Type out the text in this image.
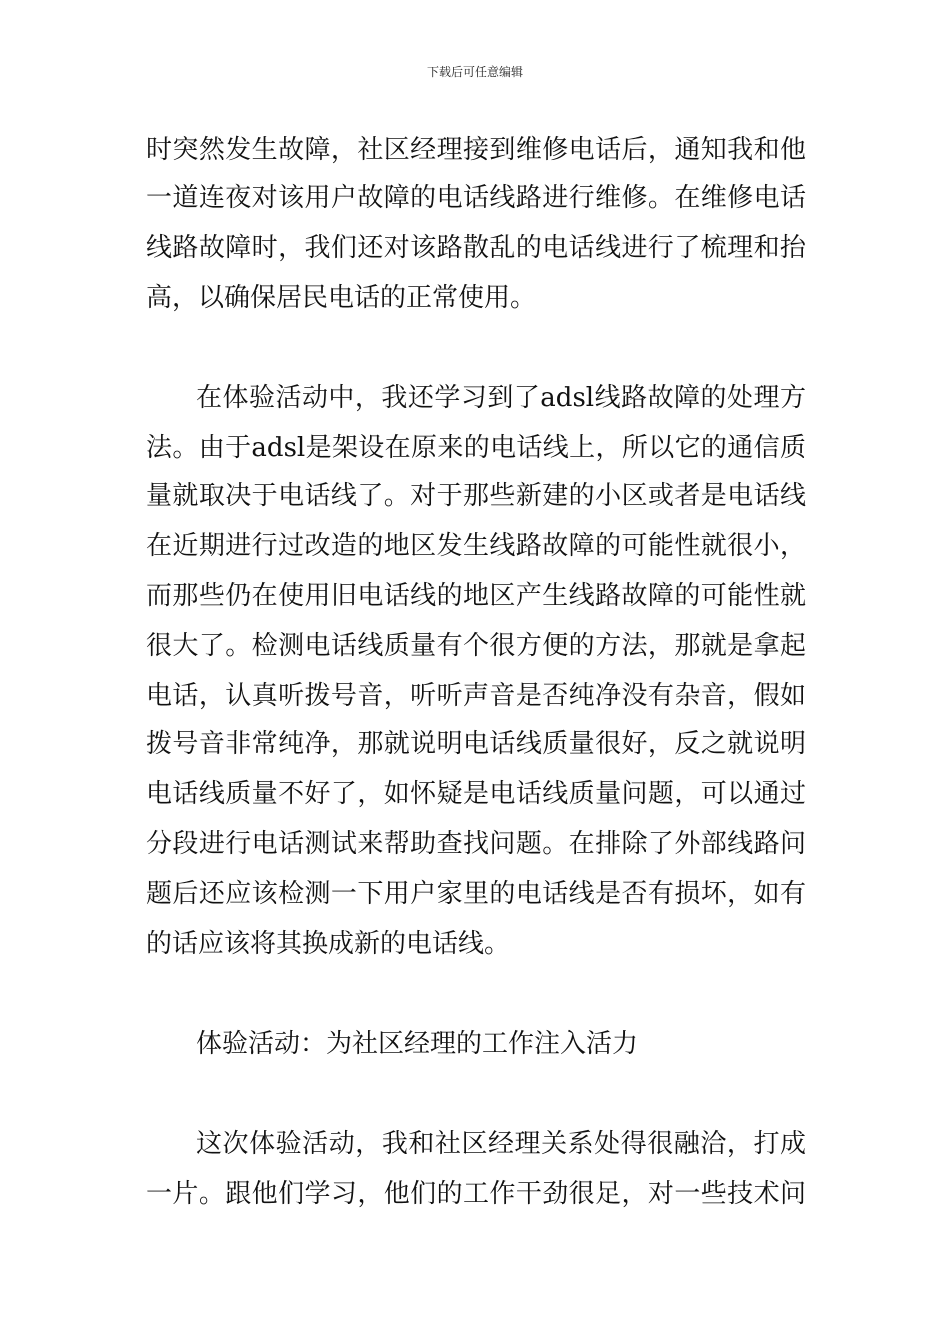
下载后可任意编辑
时突然发生故障，社区经理接到维修电话后，通知我和他
一道连夜对该用户故障的电话线路进行维修。在维修电话
线路故障时，我们还对该路散乱的电话线进行了梳理和抬
高，以确保居民电话的正常使用。
在体验活动中，我还学习到了adsl线路故障的处理方
法。由于adsl是架设在原来的电话线上，所以它的通信质
量就取决于电话线了。对于那些新建的小区或者是电话线
在近期进行过改造的地区发生线路故障的可能性就很小，
而那些仍在使用旧电话线的地区产生线路故障的可能性就
很大了。检测电话线质量有个很方便的方法，那就是拿起
电话，认真听拨号音，听听声音是否纯净没有杂音，假如
拨号音非常纯净，那就说明电话线质量很好，反之就说明
电话线质量不好了，如怀疑是电话线质量问题，可以通过
分段进行电话测试来帮助查找问题。在排除了外部线路问
题后还应该检测一下用户家里的电话线是否有损坏，如有
的话应该将其换成新的电话线。
体验活动：为社区经理的工作注入活力
这次体验活动，我和社区经理关系处得很融洽，打成
一片。跟他们学习，他们的工作干劲很足，对一些技术问
